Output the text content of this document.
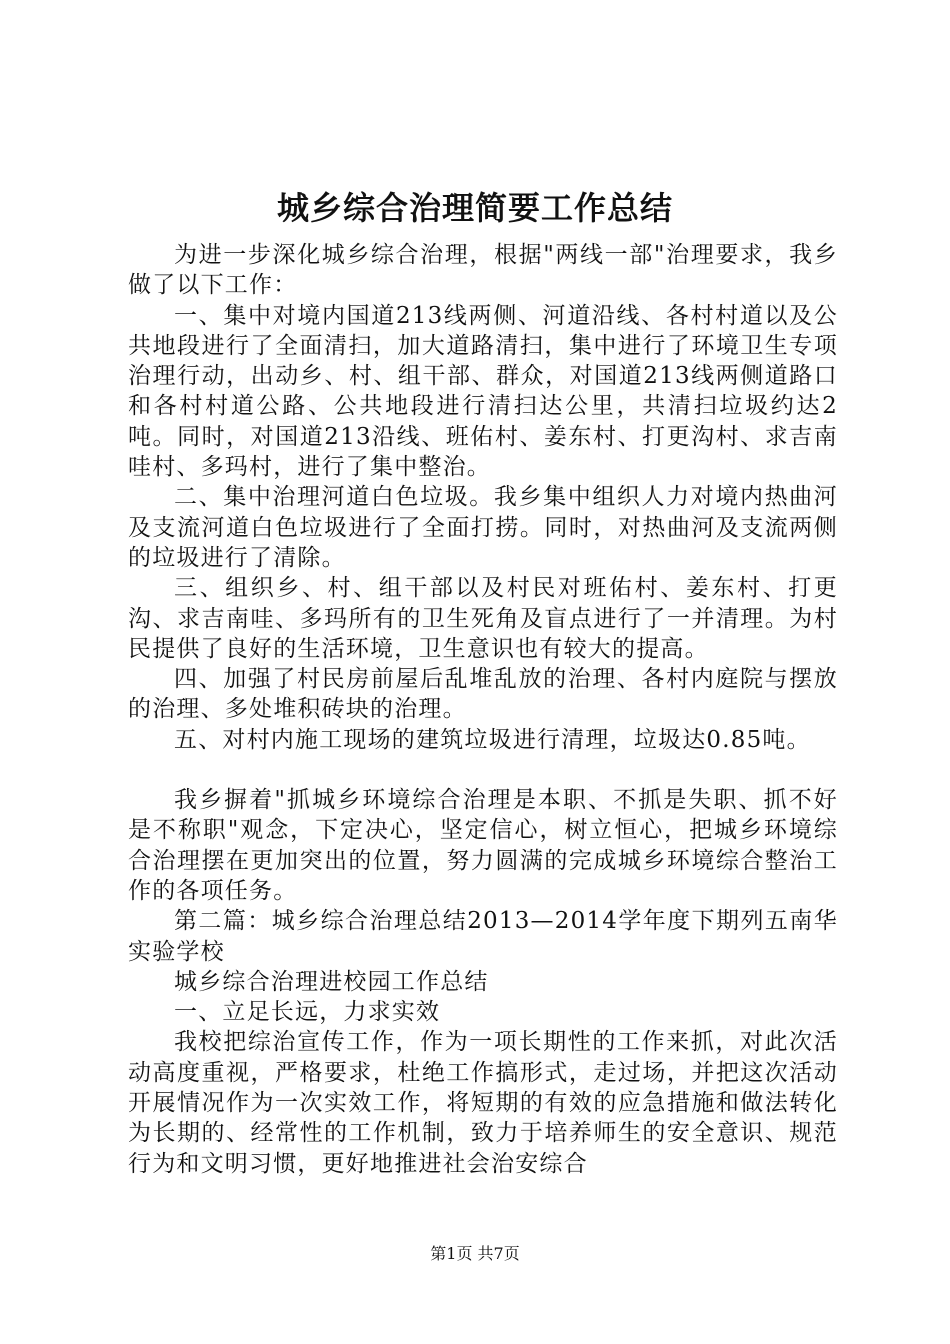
城乡综合治理简要工作总结

为进一步深化城乡综合治理，根据"两线一部"治理要求，我乡做了以下工作：

一、集中对境内国道213线两侧、河道沿线、各村村道以及公共地段进行了全面清扫，加大道路清扫，集中进行了环境卫生专项治理行动，出动乡、村、组干部、群众，对国道213线两侧道路口和各村村道公路、公共地段进行清扫达公里，共清扫垃圾约达2吨。同时，对国道213沿线、班佑村、姜东村、打更沟村、求吉南哇村、多玛村，进行了集中整治。

二、集中治理河道白色垃圾。我乡集中组织人力对境内热曲河及支流河道白色垃圾进行了全面打捞。同时，对热曲河及支流两侧的垃圾进行了清除。

三、组织乡、村、组干部以及村民对班佑村、姜东村、打更沟、求吉南哇、多玛所有的卫生死角及盲点进行了一并清理。为村民提供了良好的生活环境，卫生意识也有较大的提高。

四、加强了村民房前屋后乱堆乱放的治理、各村内庭院与摆放的治理、多处堆积砖块的治理。

五、对村内施工现场的建筑垃圾进行清理，垃圾达0.85吨。

我乡摒着"抓城乡环境综合治理是本职、不抓是失职、抓不好是不称职"观念，下定决心，坚定信心，树立恒心，把城乡环境综合治理摆在更加突出的位置，努力圆满的完成城乡环境综合整治工作的各项任务。

第二篇：城乡综合治理总结2013—2014学年度下期列五南华实验学校

城乡综合治理进校园工作总结

一、立足长远，力求实效

我校把综治宣传工作，作为一项长期性的工作来抓，对此次活动高度重视，严格要求，杜绝工作搞形式，走过场，并把这次活动开展情况作为一次实效工作，将短期的有效的应急措施和做法转化为长期的、经常性的工作机制，致力于培养师生的安全意识、规范行为和文明习惯，更好地推进社会治安综合

第1页 共7页
